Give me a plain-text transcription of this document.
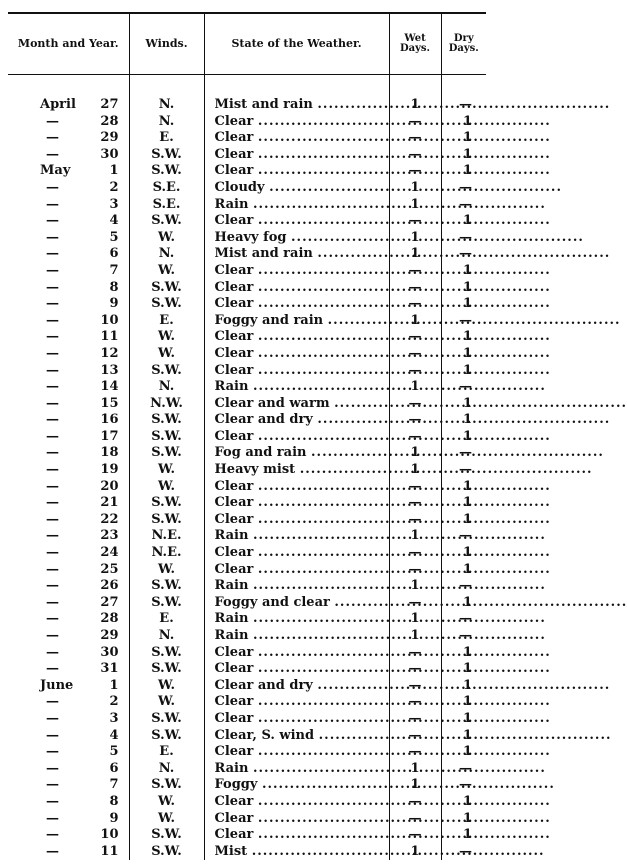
Month and Year.		Winds.	State of the Weather.	Wet
Days.	Dry
Days.

April	27	N.	Mist and rain .....	1	—
—	28	N.	Clear .....	—	1
—	29	E.	Clear .....	—	1
—	30	S.W.	Clear .....	—	1
May	1	S.W.	Clear .....	—	1
—	2	S.E.	Cloudy .....	1	—
—	3	S.E.	Rain .....	1	—
—	4	S.W.	Clear .....	—	1
—	5	W.	Heavy fog .....	1	—
—	6	N.	Mist and rain .....	1	—
—	7	W.	Clear .....	—	1
—	8	S.W.	Clear .....	—	1
—	9	S.W.	Clear .....	—	1
—	10	E.	Foggy and rain .....	1	—
—	11	W.	Clear .....	—	1
—	12	W.	Clear .....	—	1
—	13	S.W.	Clear .....	—	1
—	14	N.	Rain .....	1	—
—	15	N.W.	Clear and warm .....	—	1
—	16	S.W.	Clear and dry .....	—	1
—	17	S.W.	Clear .....	—	1
—	18	S.W.	Fog and rain .....	1	—
—	19	W.	Heavy mist .....	1	—
—	20	W.	Clear .....	—	1
—	21	S.W.	Clear .....	—	1
—	22	S.W.	Clear .....	—	1
—	23	N.E.	Rain .....	1	—
—	24	N.E.	Clear .....	—	1
—	25	W.	Clear .....	—	1
—	26	S.W.	Rain .....	1	—
—	27	S.W.	Foggy and clear .....	—	1
—	28	E.	Rain .....	1	—
—	29	N.	Rain .....	1	—
—	30	S.W.	Clear .....	—	1
—	31	S.W.	Clear .....	—	1
June	1	W.	Clear and dry .....	—	1
—	2	W.	Clear .....	—	1
—	3	S.W.	Clear .....	—	1
—	4	S.W.	Clear, S. wind .....	—	1
—	5	E.	Clear .....	—	1
—	6	N.	Rain .....	1	—
—	7	S.W.	Foggy .....	1	—
—	8	W.	Clear .....	—	1
—	9	W.	Clear .....	—	1
—	10	S.W.	Clear .....	—	1
—	11	S.W.	Mist .....	1	—
